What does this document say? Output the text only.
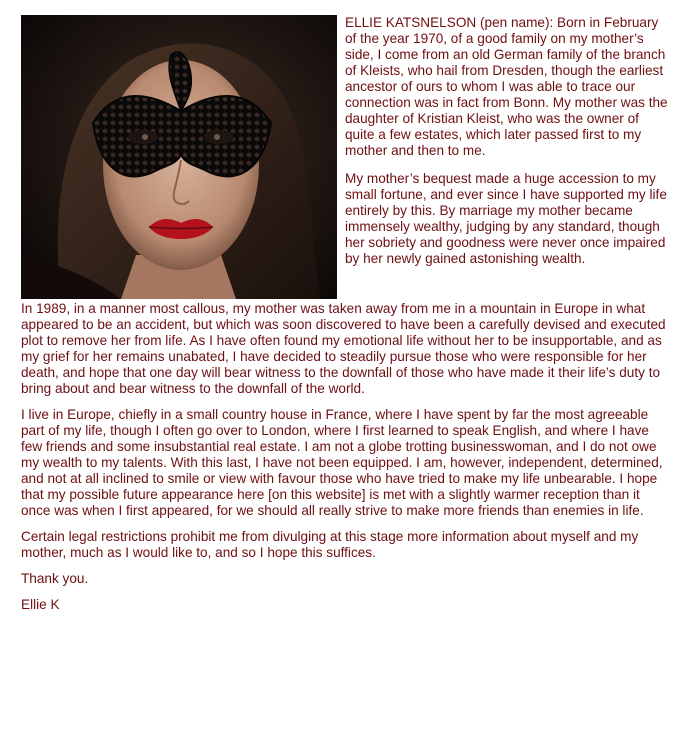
ELLIE KATSNELSON (pen name): Born in February of the year 1970, of a good family on my mother’s side, I come from an old German family of the branch of Kleists, who hail from Dresden, though the earliest ancestor of ours to whom I was able to trace our connection was in fact from Bonn. My mother was the daughter of Kristian Kleist, who was the owner of quite a few estates, which later passed first to my mother and then to me.

My mother’s bequest made a huge accession to my small fortune, and ever since I have supported my life entirely by this. By marriage my mother became immensely wealthy, judging by any standard, though her sobriety and goodness were never once impaired by her newly gained astonishing wealth.

In 1989, in a manner most callous, my mother was taken away from me in a mountain in Europe in what appeared to be an accident, but which was soon discovered to have been a carefully devised and executed plot to remove her from life. As I have often found my emotional life without her to be insupportable, and as my grief for her remains unabated, I have decided to steadily pursue those who were responsible for her death, and hope that one day will bear witness to the downfall of those who have made it their life’s duty to bring about and bear witness to the downfall of the world.

I live in Europe, chiefly in a small country house in France, where I have spent by far the most agreeable part of my life, though I often go over to London, where I first learned to speak English, and where I have few friends and some insubstantial real estate. I am not a globe trotting businesswoman, and I do not owe my wealth to my talents. With this last, I have not been equipped. I am, however, independent, determined, and not at all inclined to smile or view with favour those who have tried to make my life unbearable. I hope that my possible future appearance here [on this website] is met with a slightly warmer reception than it once was when I first appeared, for we should all really strive to make more friends than enemies in life.

Certain legal restrictions prohibit me from divulging at this stage more information about myself and my mother, much as I would like to, and so I hope this suffices.

Thank you.

Ellie K
